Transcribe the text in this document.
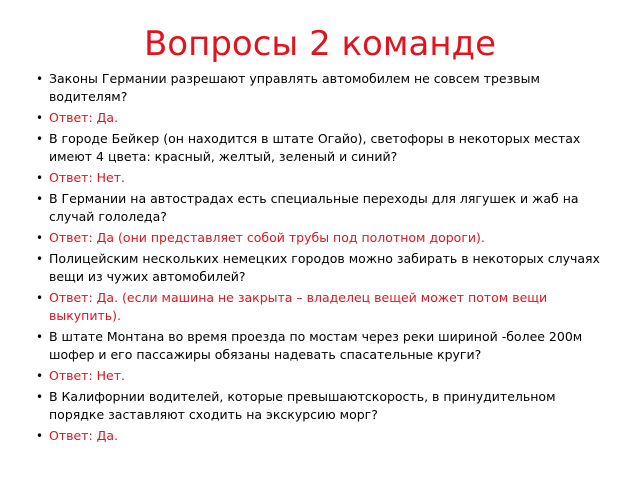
Вопросы 2 команде
• Законы Германии разрешают управлять автомобилем не совсем трезвым водителям?
• Ответ: Да.
• В городе Бейкер (он находится в штате Огайо), светофоры в некоторых местах имеют 4 цвета: красный, желтый, зеленый и синий?
• Ответ: Нет.
• В Германии на автострадах есть специальные переходы для лягушек и жаб на случай гололеда?
• Ответ: Да (они представляет собой трубы под полотном дороги).
• Полицейским нескольких немецких городов можно забирать в некоторых случаях вещи из чужих автомобилей?
• Ответ: Да. (если машина не закрыта – владелец вещей может потом вещи выкупить).
• В штате Монтана во время проезда по мостам через реки шириной -более 200м шофер и его пассажиры обязаны надевать спасательные круги?
• Ответ: Нет.
• В Калифорнии водителей, которые превышаютскорость, в принудительном порядке заставляют сходить на экскурсию морг?
• Ответ: Да.
